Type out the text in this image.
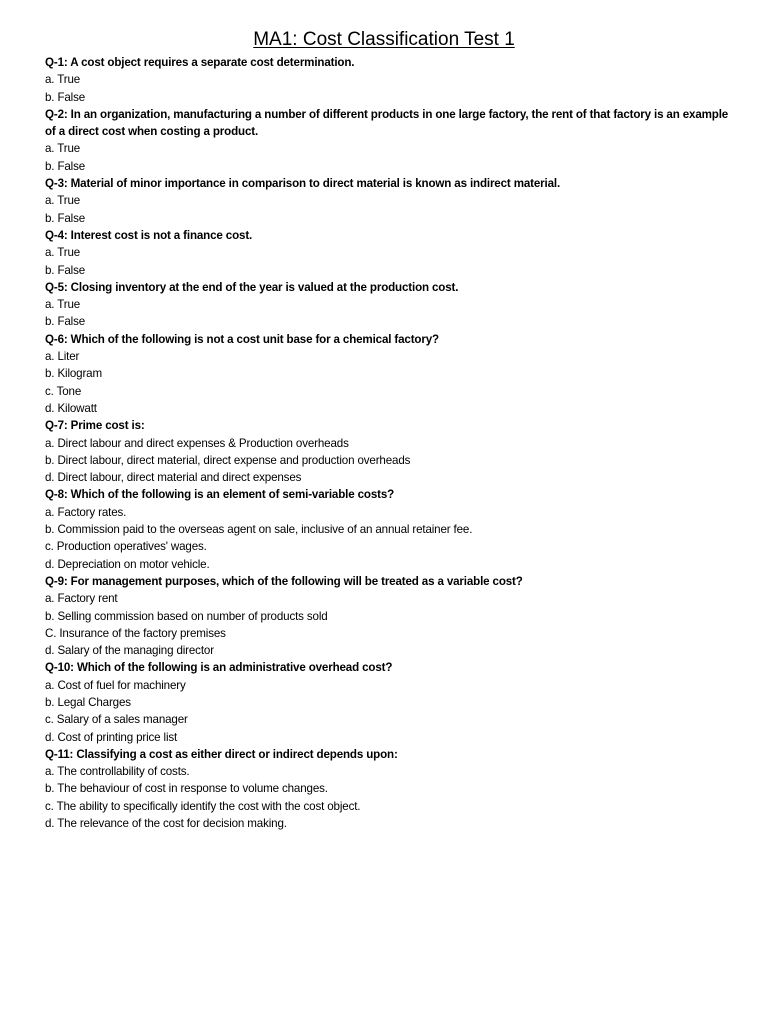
MA1: Cost Classification Test 1
Q-1: A cost object requires a separate cost determination.
a. True
b. False
Q-2: In an organization, manufacturing a number of different products in one large factory, the rent of that factory is an example of a direct cost when costing a product.
a. True
b. False
Q-3: Material of minor importance in comparison to direct material is known as indirect material.
a. True
b. False
Q-4: Interest cost is not a finance cost.
a. True
b. False
Q-5: Closing inventory at the end of the year is valued at the production cost.
a. True
b. False
Q-6: Which of the following is not a cost unit base for a chemical factory?
a. Liter
b. Kilogram
c. Tone
d. Kilowatt
Q-7: Prime cost is:
a. Direct labour and direct expenses & Production overheads
b. Direct labour, direct material, direct expense and production overheads
d. Direct labour, direct material and direct expenses
Q-8: Which of the following is an element of semi-variable costs?
a. Factory rates.
b. Commission paid to the overseas agent on sale, inclusive of an annual retainer fee.
c. Production operatives' wages.
d. Depreciation on motor vehicle.
Q-9: For management purposes, which of the following will be treated as a variable cost?
a. Factory rent
b. Selling commission based on number of products sold
C. Insurance of the factory premises
d. Salary of the managing director
Q-10: Which of the following is an administrative overhead cost?
a. Cost of fuel for machinery
b. Legal Charges
c. Salary of a sales manager
d. Cost of printing price list
Q-11: Classifying a cost as either direct or indirect depends upon:
a. The controllability of costs.
b. The behaviour of cost in response to volume changes.
c. The ability to specifically identify the cost with the cost object.
d. The relevance of the cost for decision making.
